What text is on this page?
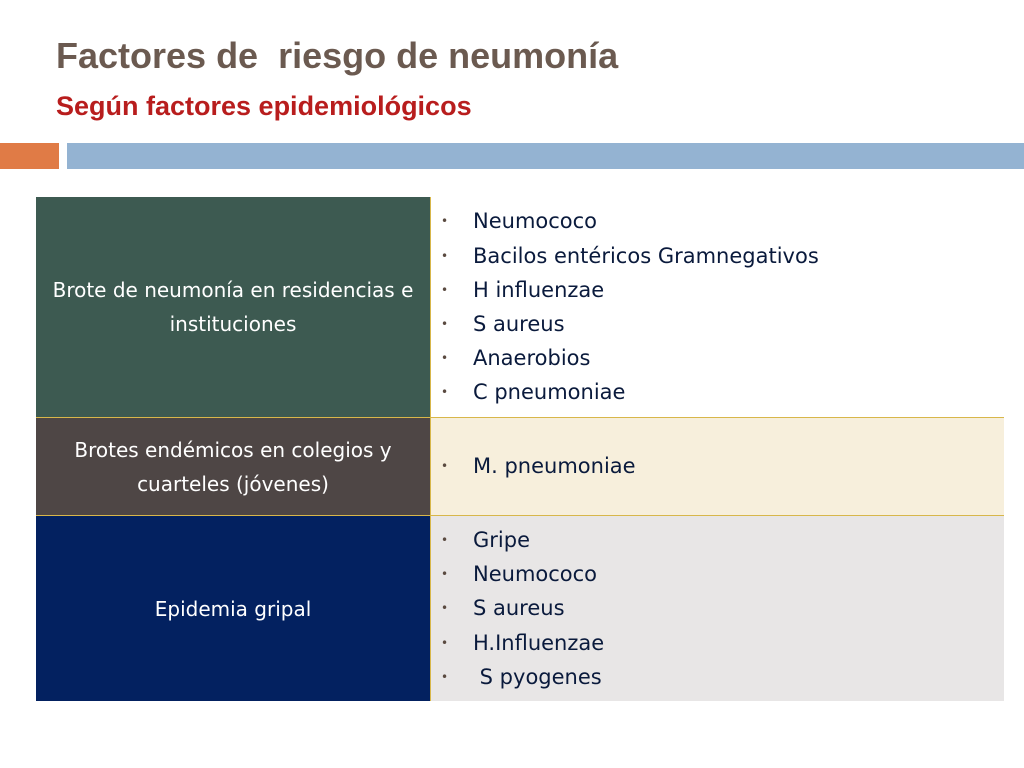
Factores de  riesgo de neumonía
Según factores epidemiológicos
Brote de neumonía en residencias e instituciones
• Neumococo
• Bacilos entéricos Gramnegativos
• H influenzae
• S aureus
• Anaerobios
• C pneumoniae
Brotes endémicos en colegios y cuarteles (jóvenes)
• M. pneumoniae
Epidemia gripal
• Gripe
• Neumococo
• S aureus
• H.Influenzae
• S pyogenes
